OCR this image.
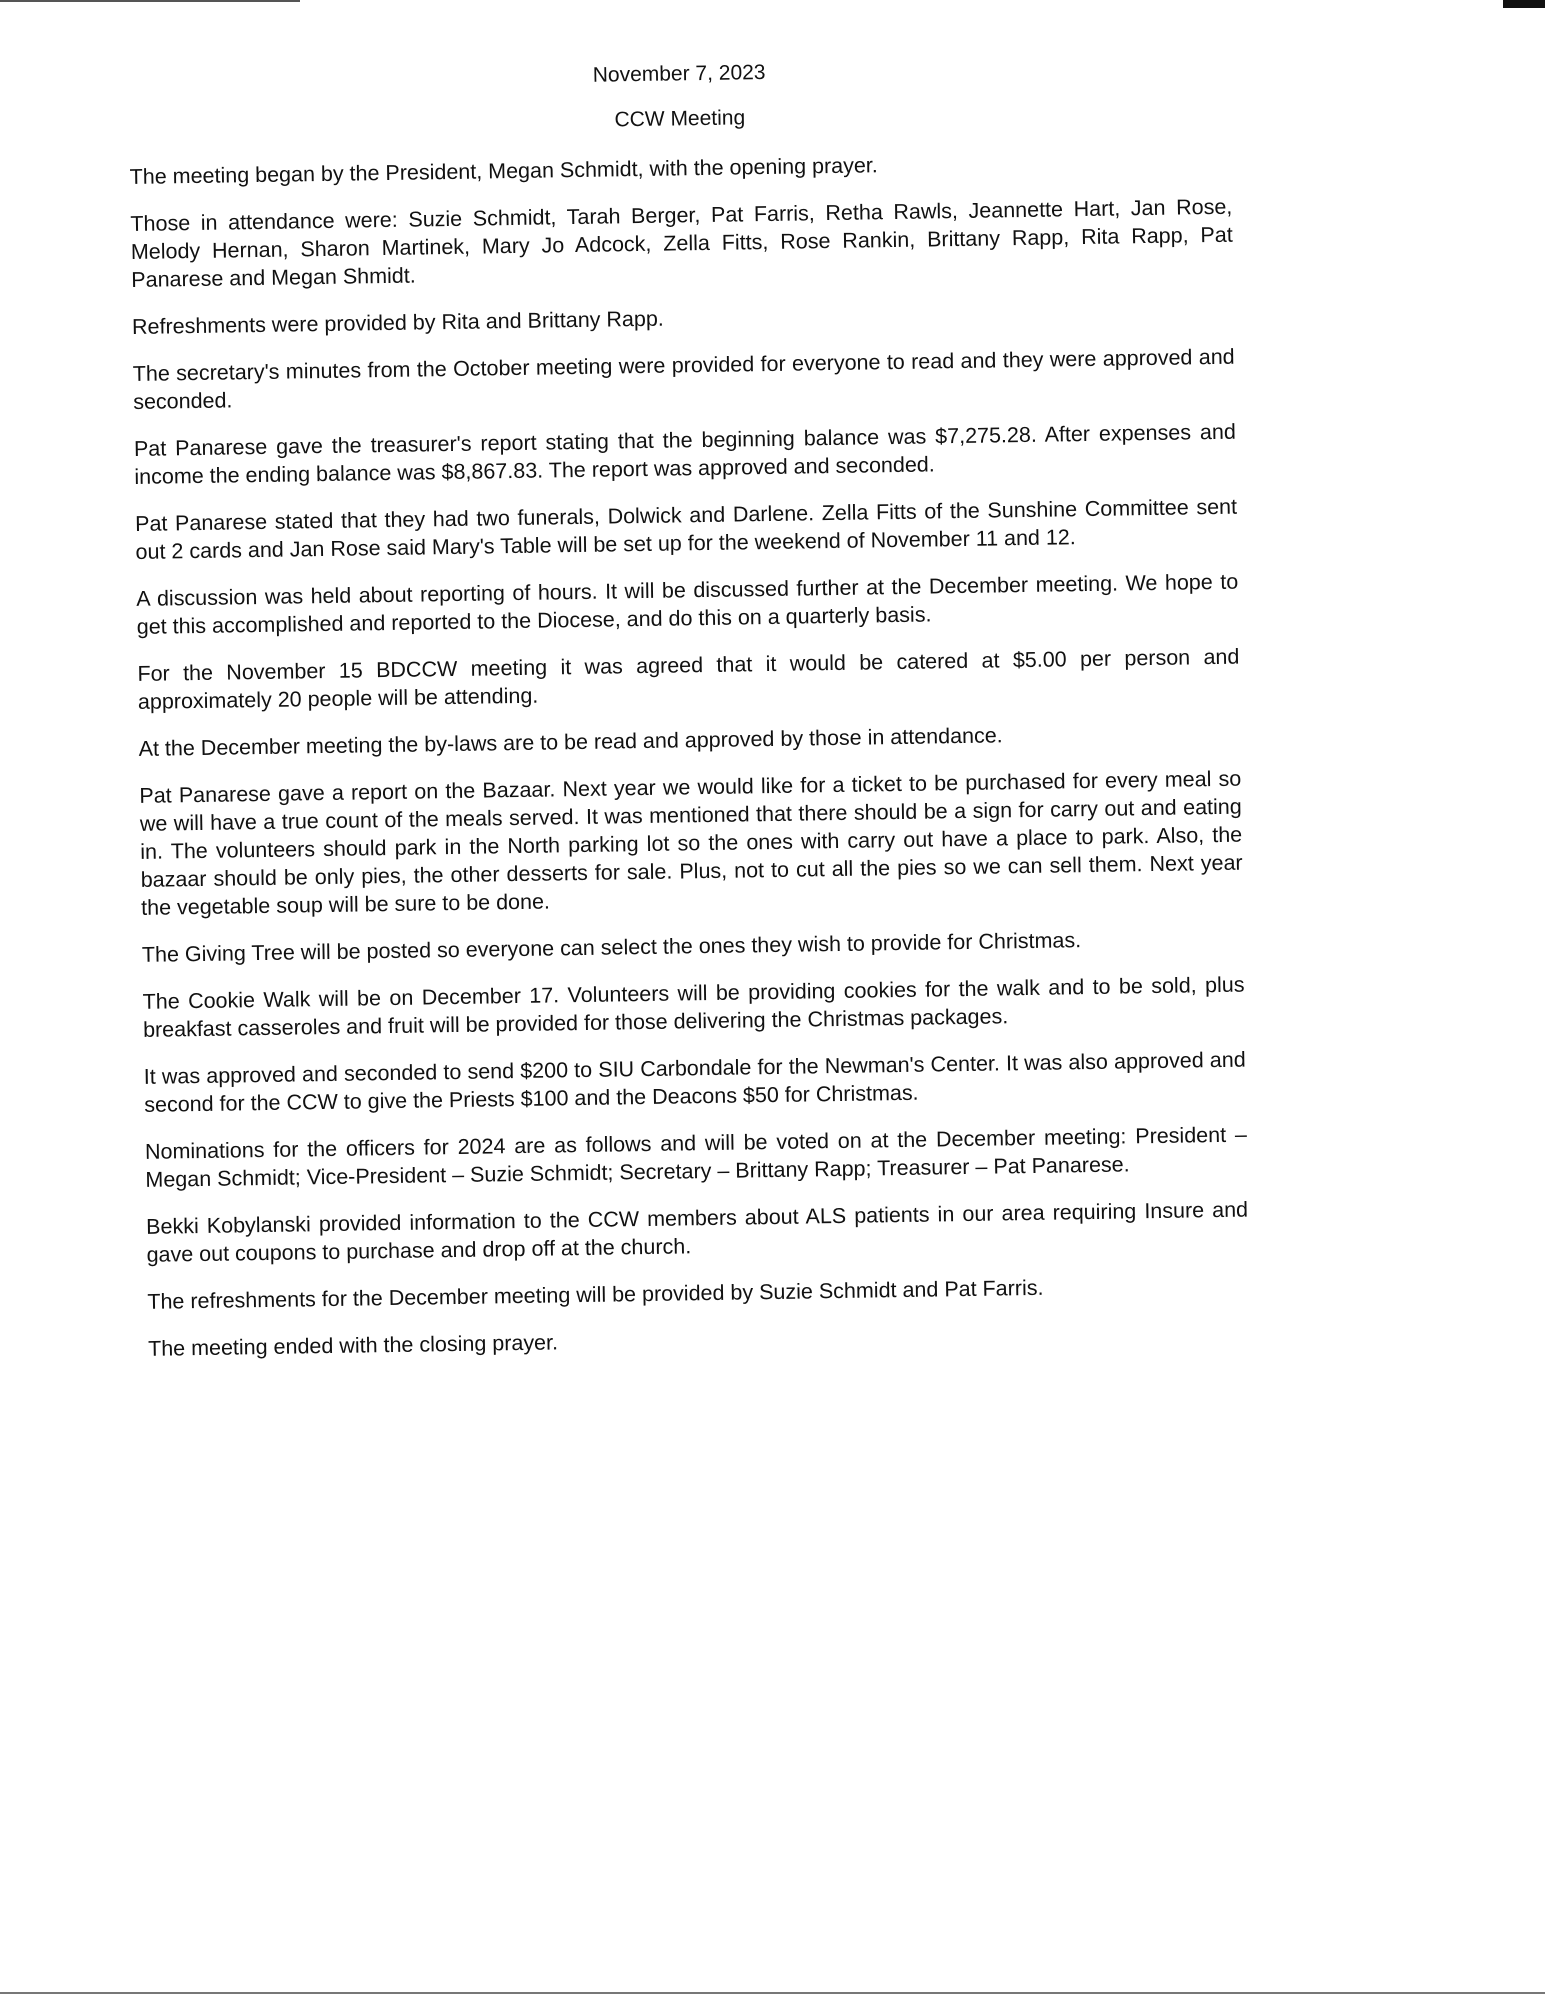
November 7, 2023
CCW Meeting

The meeting began by the President, Megan Schmidt, with the opening prayer.

Those in attendance were: Suzie Schmidt, Tarah Berger, Pat Farris, Retha Rawls, Jeannette Hart, Jan Rose, Melody Hernan, Sharon Martinek, Mary Jo Adcock, Zella Fitts, Rose Rankin, Brittany Rapp, Rita Rapp, Pat Panarese and Megan Shmidt.

Refreshments were provided by Rita and Brittany Rapp.

The secretary's minutes from the October meeting were provided for everyone to read and they were approved and seconded.

Pat Panarese gave the treasurer's report stating that the beginning balance was $7,275.28. After expenses and income the ending balance was $8,867.83. The report was approved and seconded.

Pat Panarese stated that they had two funerals, Dolwick and Darlene. Zella Fitts of the Sunshine Committee sent out 2 cards and Jan Rose said Mary's Table will be set up for the weekend of November 11 and 12.

A discussion was held about reporting of hours. It will be discussed further at the December meeting. We hope to get this accomplished and reported to the Diocese, and do this on a quarterly basis.

For the November 15 BDCCW meeting it was agreed that it would be catered at $5.00 per person and approximately 20 people will be attending.

At the December meeting the by-laws are to be read and approved by those in attendance.

Pat Panarese gave a report on the Bazaar. Next year we would like for a ticket to be purchased for every meal so we will have a true count of the meals served. It was mentioned that there should be a sign for carry out and eating in. The volunteers should park in the North parking lot so the ones with carry out have a place to park. Also, the bazaar should be only pies, the other desserts for sale. Plus, not to cut all the pies so we can sell them. Next year the vegetable soup will be sure to be done.

The Giving Tree will be posted so everyone can select the ones they wish to provide for Christmas.

The Cookie Walk will be on December 17. Volunteers will be providing cookies for the walk and to be sold, plus breakfast casseroles and fruit will be provided for those delivering the Christmas packages.

It was approved and seconded to send $200 to SIU Carbondale for the Newman's Center. It was also approved and second for the CCW to give the Priests $100 and the Deacons $50 for Christmas.

Nominations for the officers for 2024 are as follows and will be voted on at the December meeting: President – Megan Schmidt; Vice-President – Suzie Schmidt; Secretary – Brittany Rapp; Treasurer – Pat Panarese.

Bekki Kobylanski provided information to the CCW members about ALS patients in our area requiring Insure and gave out coupons to purchase and drop off at the church.

The refreshments for the December meeting will be provided by Suzie Schmidt and Pat Farris.

The meeting ended with the closing prayer.
